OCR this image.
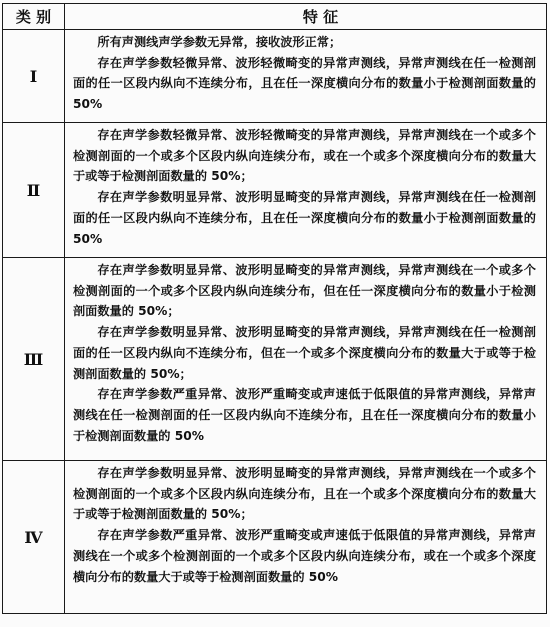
类 别	特 征
Ⅰ	所有声测线声学参数无异常，接收波形正常；

存在声学参数轻微异常、波形轻微畸变的异常声测线，异常声测线在任一检测剖面的任一区段内纵向不连续分布，且在任一深度横向分布的数量小于检测剖面数量的 50%

Ⅱ	存在声学参数轻微异常、波形轻微畸变的异常声测线，异常声测线在一个或多个检测剖面的一个或多个区段内纵向连续分布，或在一个或多个深度横向分布的数量大于或等于检测剖面数量的 50%；

存在声学参数明显异常、波形明显畸变的异常声测线，异常声测线在任一检测剖面的任一区段内纵向不连续分布，且在任一深度横向分布的数量小于检测剖面数量的 50%

Ⅲ	存在声学参数明显异常、波形明显畸变的异常声测线，异常声测线在一个或多个检测剖面的一个或多个区段内纵向连续分布，但在任一深度横向分布的数量小于检测剖面数量的 50%；

存在声学参数明显异常、波形明显畸变的异常声测线，异常声测线在任一检测剖面的任一区段内纵向不连续分布，但在一个或多个深度横向分布的数量大于或等于检测剖面数量的 50%；

存在声学参数严重异常、波形严重畸变或声速低于低限值的异常声测线，异常声测线在任一检测剖面的任一区段内纵向不连续分布，且在任一深度横向分布的数量小于检测剖面数量的 50%

Ⅳ	存在声学参数明显异常、波形明显畸变的异常声测线，异常声测线在一个或多个检测剖面的一个或多个区段内纵向连续分布，且在一个或多个深度横向分布的数量大于或等于检测剖面数量的 50%；

存在声学参数严重异常、波形严重畸变或声速低于低限值的异常声测线，异常声测线在一个或多个检测剖面的一个或多个区段内纵向连续分布，或在一个或多个深度横向分布的数量大于或等于检测剖面数量的 50%
